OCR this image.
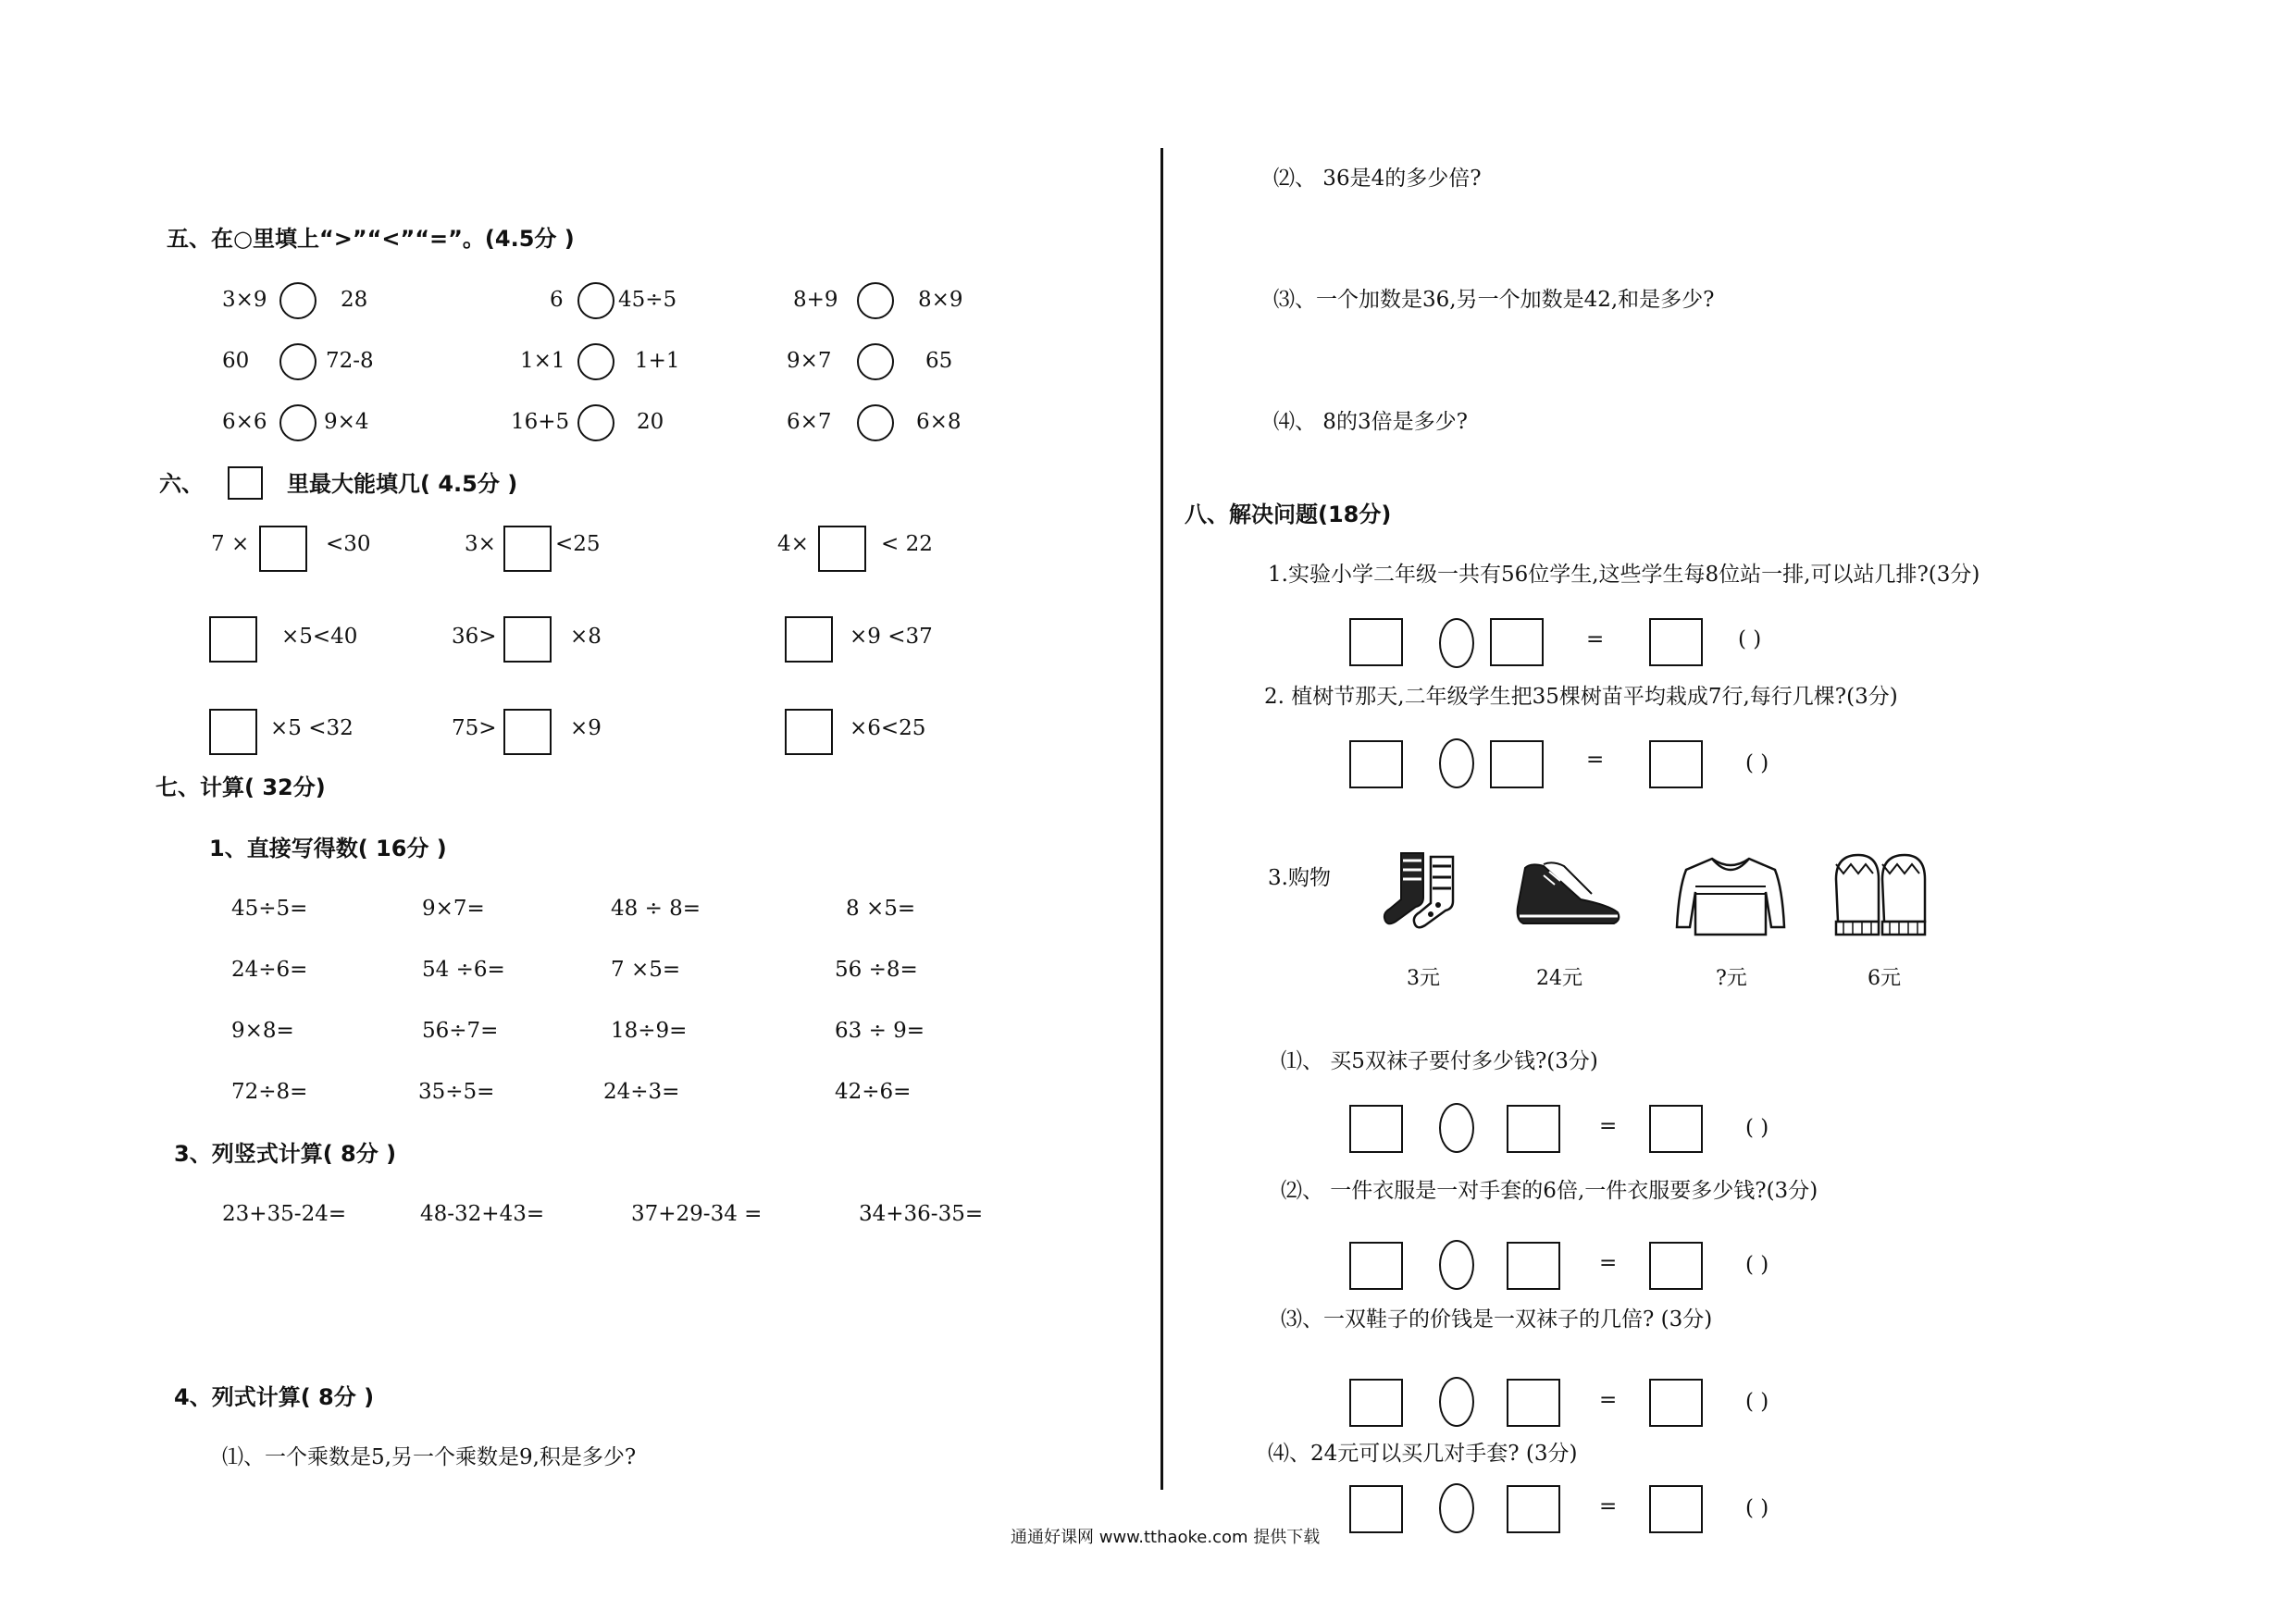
五、在○里填上“>”“<”“=”。(4.5分 )
3×9	28	6	45÷5	8+9	8×9
60	72-8	1×1	1+1	9×7	65
6×6	9×4	16+5	20	6×7	6×8
六、	里最大能填几( 4.5分 )
7 ×	<30	3×	<25	4×	< 22
×5<40	36>	×8	×9 <37
×5 <32	75>	×9	×6<25
七、计算( 32分)
1、直接写得数( 16分 )
45÷5=	9×7=	48 ÷ 8=	8 ×5=
24÷6=	54 ÷6=	7 ×5=	56 ÷8=
9×8=	56÷7=	18÷9=	63 ÷ 9=
72÷8=	35÷5=	24÷3=	42÷6=
3、列竖式计算( 8分 )
23+35-24=	48-32+43=	37+29-34 =	34+36-35=
4、列式计算( 8分 )
⑴、一个乘数是5,另一个乘数是9,积是多少?
⑵、 36是4的多少倍?
⑶、一个加数是36,另一个加数是42,和是多少?
⑷、 8的3倍是多少?
八、解决问题(18分)
1.实验小学二年级一共有56位学生,这些学生每8位站一排,可以站几排?(3分)
=	( )
2. 植树节那天,二年级学生把35棵树苗平均栽成7行,每行几棵?(3分)
=	( )
3.购物
3元	24元	?元	6元
⑴、 买5双袜子要付多少钱?(3分)
=	( )
⑵、 一件衣服是一对手套的6倍,一件衣服要多少钱?(3分)
=	( )
⑶、一双鞋子的价钱是一双袜子的几倍? (3分)
=	( )
⑷、24元可以买几对手套? (3分)
=	( )
通通好课网 www.tthaoke.com 提供下载
